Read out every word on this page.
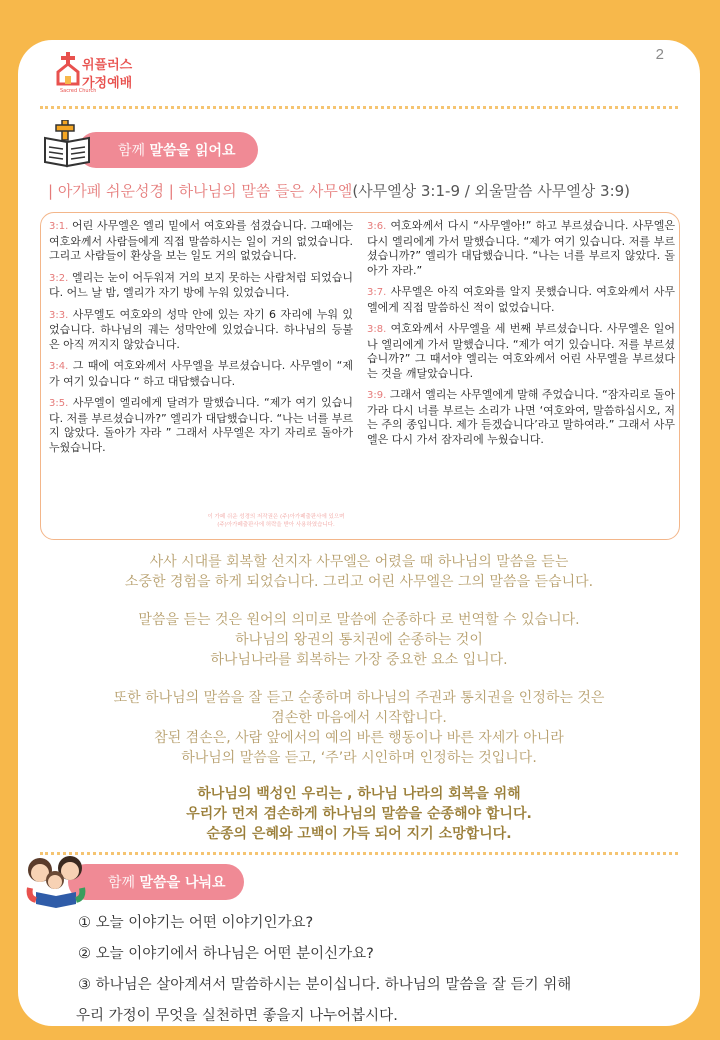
2
위플러스
가정예배
Sacred Church
함께
말씀을 읽어요
| 아가페 쉬운성경 | 하나님의 말씀 들은 사무엘(사무엘상 3:1-9 / 외울말씀 사무엘상 3:9)

3:1. 어린 사무엘은 엘리 밑에서 여호와를 섬겼습니다. 그때에는 여호와께서 사람들에게 직접 말씀하시는 일이 거의 없었습니다. 그리고 사람들이 환상을 보는 일도 거의 없었습니다.

3:2. 엘리는 눈이 어두워져 거의 보지 못하는 사람처럼 되었습니다. 어느 날 밤, 엘리가 자기 방에 누워 있었습니다.

3:3. 사무엘도 여호와의 성막 안에 있는 자기 6 자리에 누워 있었습니다. 하나님의 궤는 성막안에 있었습니다. 하나님의 등불은 아직 꺼지지 않았습니다.

3:4. 그 때에 여호와께서 사무엘을 부르셨습니다. 사무엘이 “제가 여기 있습니다 “ 하고 대답했습니다.

3:5. 사무엘이 엘리에게 달려가 말했습니다. “제가 여기 있습니다. 저를 부르셨습니까?” 엘리가 대답했습니다. “나는 너를 부르지 않았다. 돌아가 자라 ” 그래서 사무엘은 자기 자리로 돌아가 누웠습니다.

3:6. 여호와께서 다시 “사무엘아!” 하고 부르셨습니다. 사무엘은 다시 엘리에게 가서 말했습니다. “제가 여기 있습니다. 저를 부르셨습니까?” 엘리가 대답했습니다. “나는 너를 부르지 않았다. 돌아가 자라.”

3:7. 사무엘은 아직 여호와를 알지 못했습니다. 여호와께서 사무엘에게 직접 말씀하신 적이 없었습니다.

3:8. 여호와께서 사무엘을 세 번째 부르셨습니다. 사무엘은 일어나 엘리에게 가서 말했습니다. “제가 여기 있습니다. 저를 부르셨습니까?” 그 때서야 엘리는 여호와께서 어린 사무엘을 부르셨다는 것을 깨달았습니다.

3:9. 그래서 엘리는 사무엘에게 말해 주었습니다. “잠자리로 돌아가라 다시 너를 부르는 소리가 나면 ‘여호와여, 말씀하십시오, 저는 주의 종입니다. 제가 듣겠습니다’라고 말하여라.” 그래서 사무엘은 다시 가서 잠자리에 누웠습니다.

이 가페 쉬운 성경의 저작권은 (주)아가페출판사에 있으며
(주)아가페출판사에 허락을 받아 사용하였습니다.
사사 시대를 회복할 선지자 사무엘은 어렸을 때 하나님의 말씀을 듣는
소중한 경험을 하게 되었습니다. 그리고 어린 사무엘은 그의 말씀을 듣습니다.
말씀을 듣는 것은 원어의 의미로 말씀에 순종하다 로 번역할 수 있습니다.
하나님의 왕권의 통치권에 순종하는 것이
하나님나라를 회복하는 가장 중요한 요소 입니다.
또한 하나님의 말씀을 잘 듣고 순종하며 하나님의 주권과 통치권을 인정하는 것은
겸손한 마음에서 시작합니다.
참된 겸손은, 사람 앞에서의 예의 바른 행동이나 바른 자세가 아니라
하나님의 말씀을 듣고, ‘주’라 시인하며 인정하는 것입니다.
하나님의 백성인 우리는 , 하나님 나라의 회복을 위해
우리가 먼저 겸손하게 하나님의 말씀을 순종해야 합니다.
순종의 은혜와 고백이 가득 되어 지기 소망합니다.
함께
말씀을 나눠요
① 오늘 이야기는 어떤 이야기인가요?
② 오늘 이야기에서 하나님은 어떤 분이신가요?
③ 하나님은 살아계셔서 말씀하시는 분이십니다. 하나님의 말씀을 잘 듣기 위해
우리 가정이 무엇을 실천하면 좋을지 나누어봅시다.
